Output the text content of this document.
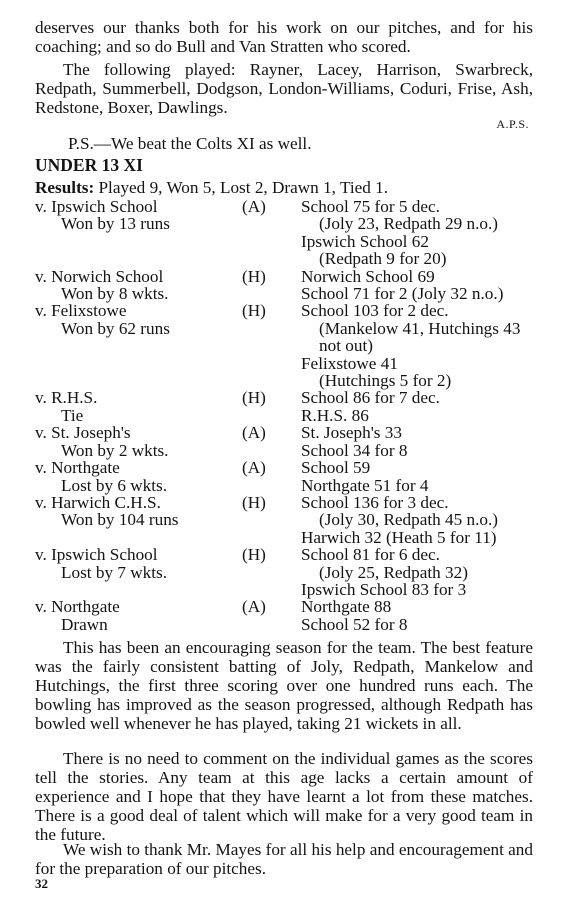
deserves our thanks both for his work on our pitches, and for his coaching; and so do Bull and Van Stratten who scored.

The following played: Rayner, Lacey, Harrison, Swarbreck, Redpath, Summerbell, Dodgson, London-Williams, Coduri, Frise, Ash, Redstone, Boxer, Dawlings.

A.P.S.
P.S.—We beat the Colts XI as well.
UNDER 13 XI
Results: Played 9, Won 5, Lost 2, Drawn 1, Tied 1.
v. Ipswich School
Won by 13 runs
(A)	School 75 for 5 dec.
(Joly 23, Redpath 29 n.o.)
Ipswich School 62
(Redpath 9 for 20)
v. Norwich School
Won by 8 wkts.
(H)	Norwich School 69
School 71 for 2 (Joly 32 n.o.)
v. Felixstowe
Won by 62 runs
(H)	School 103 for 2 dec.
(Mankelow 41, Hutchings 43
not out)
Felixstowe 41
(Hutchings 5 for 2)
v. R.H.S.
Tie
(H)	School 86 for 7 dec.
R.H.S. 86
v. St. Joseph's
Won by 2 wkts.
(A)	St. Joseph's 33
School 34 for 8
v. Northgate
Lost by 6 wkts.
(A)	School 59
Northgate 51 for 4
v. Harwich C.H.S.
Won by 104 runs
(H)	School 136 for 3 dec.
(Joly 30, Redpath 45 n.o.)
Harwich 32 (Heath 5 for 11)
v. Ipswich School
Lost by 7 wkts.
(H)	School 81 for 6 dec.
(Joly 25, Redpath 32)
Ipswich School 83 for 3
v. Northgate
Drawn
(A)	Northgate 88
School 52 for 8

This has been an encouraging season for the team. The best feature was the fairly consistent batting of Joly, Redpath, Mankelow and Hutchings, the first three scoring over one hundred runs each. The bowling has improved as the season progressed, although Redpath has bowled well whenever he has played, taking 21 wickets in all.

There is no need to comment on the individual games as the scores tell the stories. Any team at this age lacks a certain amount of experience and I hope that they have learnt a lot from these matches. There is a good deal of talent which will make for a very good team in the future.

We wish to thank Mr. Mayes for all his help and encouragement and for the preparation of our pitches.

32
